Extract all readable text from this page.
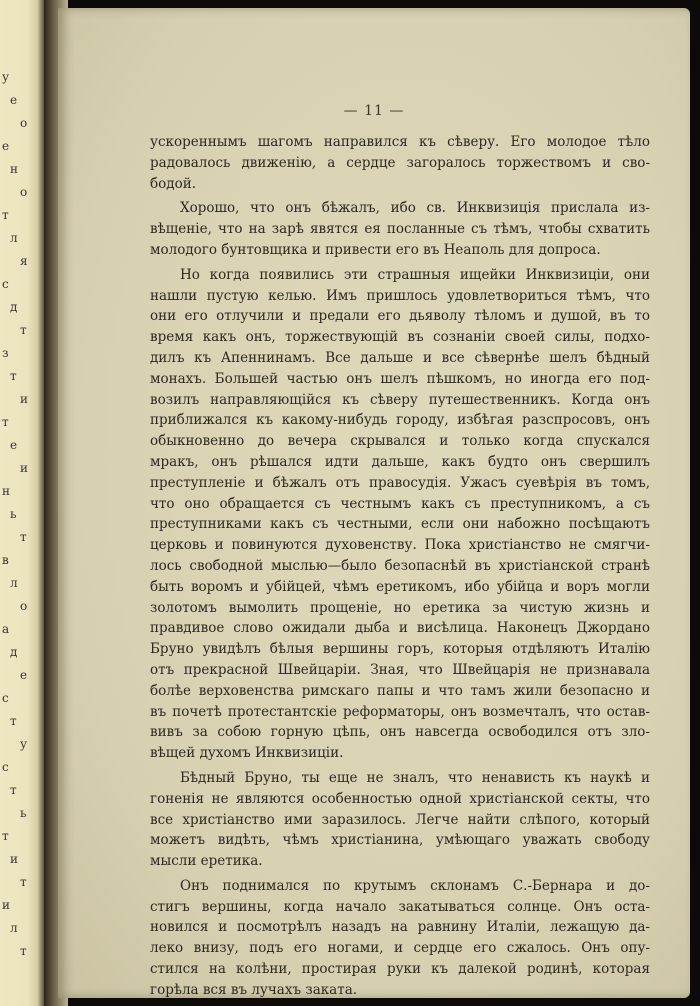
у
е
о
е
н
о
т
л
я
с
д
т
з
т
и
т
е
и
н
ь
т
в
л
о
а
д
е
с
т
у
с
т
ь
т
и
т
и
л
т
— 11 —
ускореннымъ шагомъ направился къ сѣверу. Его молодое тѣло
радовалось движенію, а сердце загоралось торжествомъ и сво-
бодой.
Хорошо, что онъ бѣжалъ, ибо св. Инквизиція прислала из-
вѣщеніе, что на зарѣ явятся ея посланные съ тѣмъ, чтобы схватить
молодого бунтовщика и привести его въ Неаполь для допроса.
Но когда появились эти страшныя ищейки Инквизиціи, они
нашли пустую келью. Имъ пришлось удовлетвориться тѣмъ, что
они его отлучили и предали его дьяволу тѣломъ и душой, въ то
время какъ онъ, торжествующій въ сознаніи своей силы, подхо-
дилъ къ Апеннинамъ. Все дальше и все сѣвернѣе шелъ бѣдный
монахъ. Большей частью онъ шелъ пѣшкомъ, но иногда его под-
возилъ направляющійся къ сѣверу путешественникъ. Когда онъ
приближался къ какому-нибудь городу, избѣгая разспросовъ, онъ
обыкновенно до вечера скрывался и только когда спускался
мракъ, онъ рѣшался идти дальше, какъ будто онъ свершилъ
преступленіе и бѣжалъ отъ правосудія. Ужасъ суевѣрія въ томъ,
что оно обращается съ честнымъ какъ съ преступникомъ, а съ
преступниками какъ съ честными, если они набожно посѣщаютъ
церковь и повинуются духовенству. Пока христіанство не смягчи-
лось свободной мыслью—было безопаснѣй въ христіанской странѣ
быть воромъ и убійцей, чѣмъ еретикомъ, ибо убійца и воръ могли
золотомъ вымолить прощеніе, но еретика за чистую жизнь и
правдивое слово ожидали дыба и висѣлица. Наконецъ Джордано
Бруно увидѣлъ бѣлыя вершины горъ, которыя отдѣляютъ Италію
отъ прекрасной Швейцаріи. Зная, что Швейцарія не признавала
болѣе верховенства римскаго папы и что тамъ жили безопасно и
въ почетѣ протестантскіе реформаторы, онъ возмечталъ, что остав-
вивъ за собою горную цѣпь, онъ навсегда освободился отъ зло-
вѣщей духомъ Инквизиціи.
Бѣдный Бруно, ты еще не зналъ, что ненависть къ наукѣ и
гоненія не являются особенностью одной христіанской секты, что
все христіанство ими заразилось. Легче найти слѣпого, который
можетъ видѣть, чѣмъ христіанина, умѣющаго уважать свободу
мысли еретика.
Онъ поднимался по крутымъ склонамъ С.-Бернара и до-
стигъ вершины, когда начало закатываться солнце. Онъ оста-
новился и посмотрѣлъ назадъ на равнину Италіи, лежащую да-
леко внизу, подъ его ногами, и сердце его сжалось. Онъ опу-
стился на колѣни, простирая руки къ далекой родинѣ, которая
горѣла вся въ лучахъ заката.
